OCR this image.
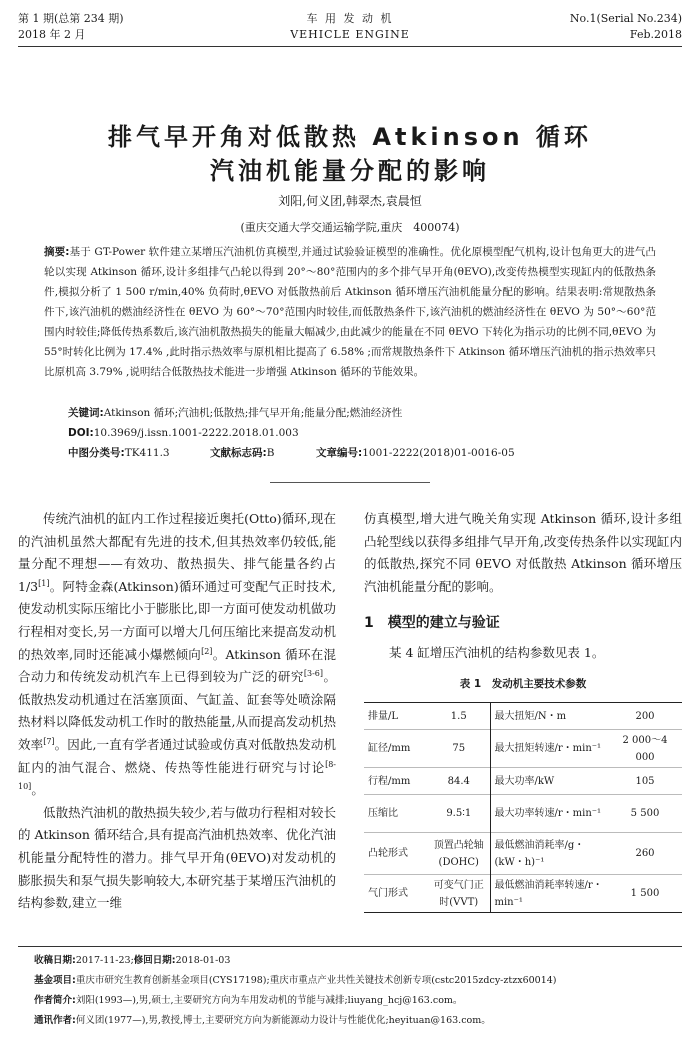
第 1 期(总第 234 期)
2018 年 2 月
车 用 发 动 机
VEHICLE ENGINE
No.1(Serial No.234)
Feb.2018
排气早开角对低散热 Atkinson 循环
汽油机能量分配的影响
刘阳,何义团,韩翠杰,袁晨恒
(重庆交通大学交通运输学院,重庆　400074)
摘要:基于 GT-Power 软件建立某增压汽油机仿真模型,并通过试验验证模型的准确性。优化原模型配气机构,设计包角更大的进气凸轮以实现 Atkinson 循环,设计多组排气凸轮以得到 20°～80°范围内的多个排气早开角(θEVO),改变传热模型实现缸内的低散热条件,模拟分析了 1 500 r/min,40% 负荷时,θEVO 对低散热前后 Atkinson 循环增压汽油机能量分配的影响。结果表明:常规散热条件下,该汽油机的燃油经济性在 θEVO 为 60°～70°范围内时较佳,而低散热条件下,该汽油机的燃油经济性在 θEVO 为 50°～60°范围内时较佳;降低传热系数后,该汽油机散热损失的能量大幅减少,由此减少的能量在不同 θEVO 下转化为指示功的比例不同,θEVO 为 55°时转化比例为 17.4% ,此时指示热效率与原机相比提高了 6.58% ;而常规散热条件下 Atkinson 循环增压汽油机的指示热效率只比原机高 3.79% ,说明结合低散热技术能进一步增强 Atkinson 循环的节能效果。
关键词:Atkinson 循环;汽油机;低散热;排气早开角;能量分配;燃油经济性
DOI:10.3969/j.issn.1001-2222.2018.01.003
中图分类号:TK411.3	文献标志码:B	文章编号:1001-2222(2018)01-0016-05

传统汽油机的缸内工作过程接近奥托(Otto)循环,现在的汽油机虽然大都配有先进的技术,但其热效率仍较低,能量分配不理想——有效功、散热损失、排气能量各约占 1/3[1]。阿特金森(Atkinson)循环通过可变配气正时技术,使发动机实际压缩比小于膨胀比,即一方面可使发动机做功行程相对变长,另一方面可以增大几何压缩比来提高发动机的热效率,同时还能减小爆燃倾向[2]。Atkinson 循环在混合动力和传统发动机汽车上已得到较为广泛的研究[3-6]。低散热发动机通过在活塞顶面、气缸盖、缸套等处喷涂隔热材料以降低发动机工作时的散热能量,从而提高发动机热效率[7]。因此,一直有学者通过试验或仿真对低散热发动机缸内的油气混合、燃烧、传热等性能进行研究与讨论[8-10]。

低散热汽油机的散热损失较少,若与做功行程相对较长的 Atkinson 循环结合,具有提高汽油机热效率、优化汽油机能量分配特性的潜力。排气早开角(θEVO)对发动机的膨胀损失和泵气损失影响较大,本研究基于某增压汽油机的结构参数,建立一维

仿真模型,增大进气晚关角实现 Atkinson 循环,设计多组凸轮型线以获得多组排气早开角,改变传热条件以实现缸内的低散热,探究不同 θEVO 对低散热 Atkinson 循环增压汽油机能量分配的影响。

1　模型的建立与验证

某 4 缸增压汽油机的结构参数见表 1。

表 1　发动机主要技术参数
排量/L	1.5	最大扭矩/N・m	200
缸径/mm	75	最大扭矩转速/r・min⁻¹	2 000～4 000
行程/mm	84.4	最大功率/kW	105
压缩比	9.5∶1	最大功率转速/r・min⁻¹	5 500
凸轮形式	顶置凸轮轴(DOHC)	最低燃油消耗率/g・(kW・h)⁻¹	260
气门形式	可变气门正时(VVT)	最低燃油消耗率转速/r・min⁻¹	1 500
收稿日期:2017-11-23;修回日期:2018-01-03
基金项目:重庆市研究生教育创新基金项目(CYS17198);重庆市重点产业共性关键技术创新专项(cstc2015zdcy-ztzx60014)
作者简介:刘阳(1993—),男,硕士,主要研究方向为车用发动机的节能与减排;liuyang_hcj@163.com。
通讯作者:何义团(1977—),男,教授,博士,主要研究方向为新能源动力设计与性能优化;heyituan@163.com。
